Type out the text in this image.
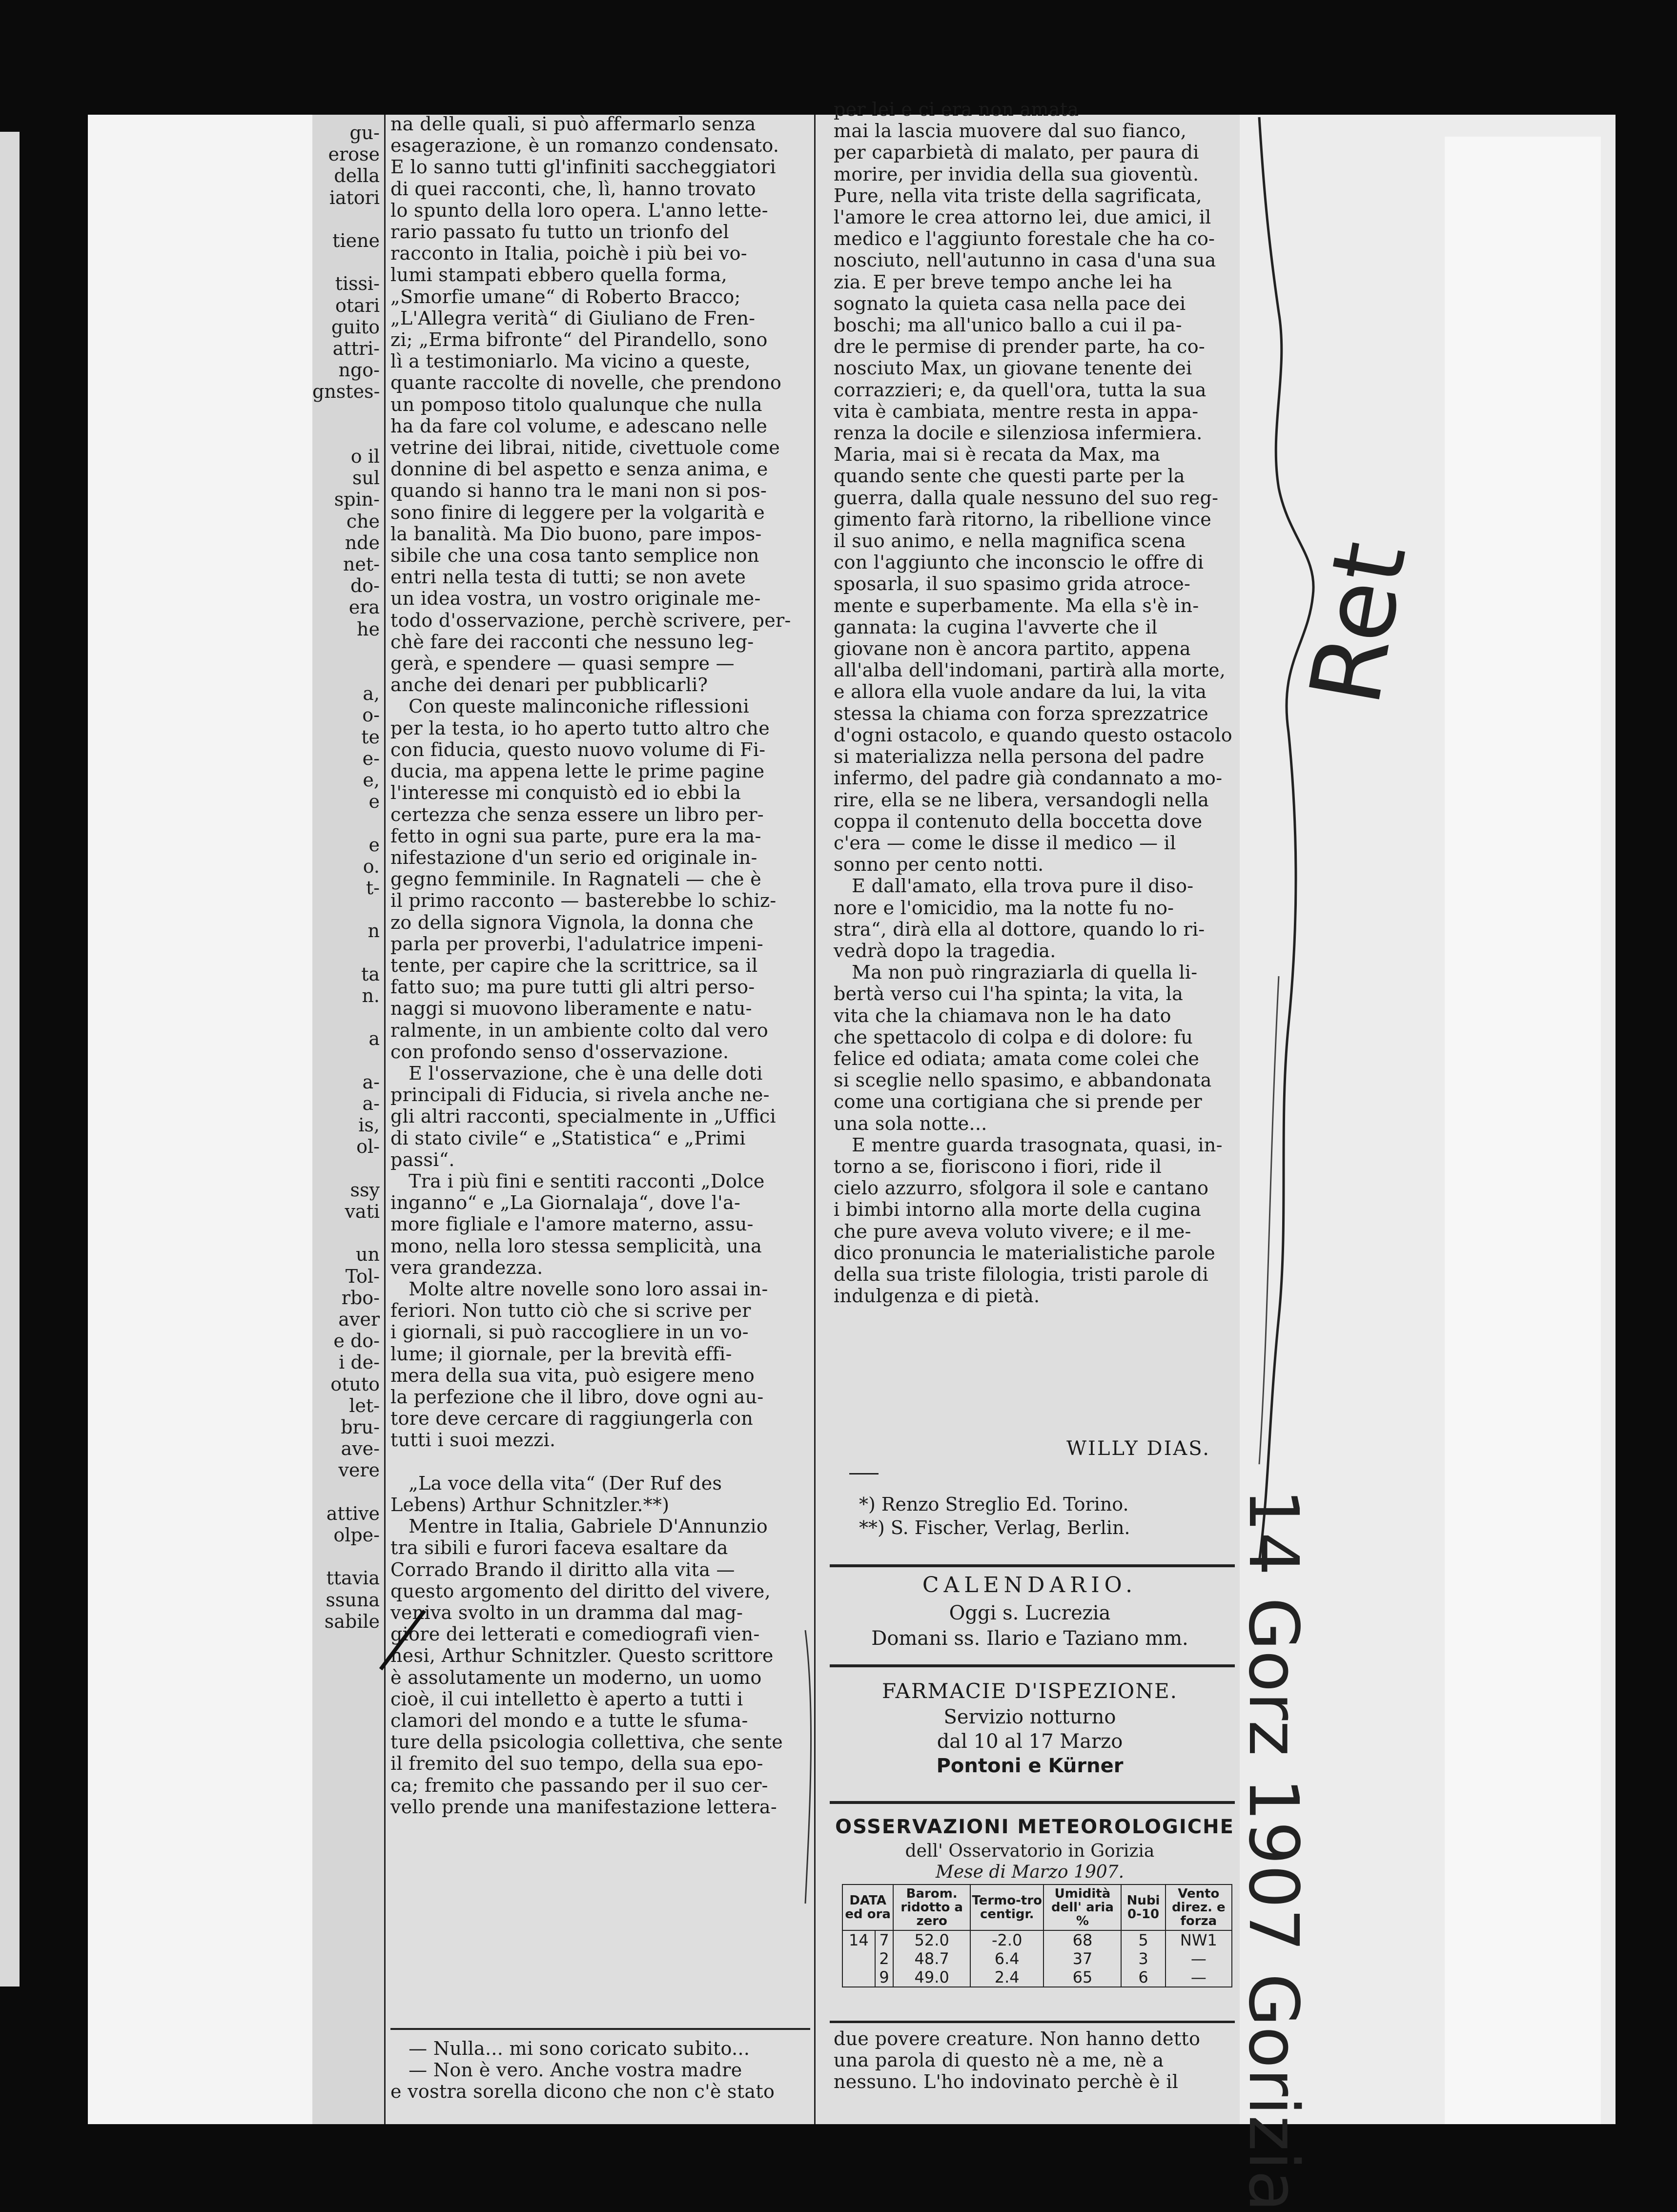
gu-
erose
della
iatori
tiene
tissi-
otari
guito
attri-
ngo-
gnstes-
o il
sul
spin-
che
nde
net-
do-
era
he
a,
o-
te
e-
e,
e
e
o.
t-
n
ta
n.
a
a-
a-
is,
ol-
ssy
vati
un
Tol-
rbo-
aver
e do-
i de-
otuto
let-
bru-
ave-
vere
attive
olpe-
ttavia
ssuna
sabile
na delle quali, si può affermarlo senza
esagerazione, è un romanzo condensato.
E lo sanno tutti gl'infiniti saccheggiatori
di quei racconti, che, lì, hanno trovato
lo spunto della loro opera. L'anno lette-
rario passato fu tutto un trionfo del
racconto in Italia, poichè i più bei vo-
lumi stampati ebbero quella forma,
„Smorfie umane“ di Roberto Bracco;
„L'Allegra verità“ di Giuliano de Fren-
zi; „Erma bifronte“ del Pirandello, sono
lì a testimoniarlo. Ma vicino a queste,
quante raccolte di novelle, che prendono
un pomposo titolo qualunque che nulla
ha da fare col volume, e adescano nelle
vetrine dei librai, nitide, civettuole come
donnine di bel aspetto e senza anima, e
quando si hanno tra le mani non si pos-
sono finire di leggere per la volgarità e
la banalità. Ma Dio buono, pare impos-
sibile che una cosa tanto semplice non
entri nella testa di tutti; se non avete
un idea vostra, un vostro originale me-
todo d'osservazione, perchè scrivere, per-
chè fare dei racconti che nessuno leg-
gerà, e spendere — quasi sempre —
anche dei denari per pubblicarli?
Con queste malinconiche riflessioni
per la testa, io ho aperto tutto altro che
con fiducia, questo nuovo volume di Fi-
ducia, ma appena lette le prime pagine
l'interesse mi conquistò ed io ebbi la
certezza che senza essere un libro per-
fetto in ogni sua parte, pure era la ma-
nifestazione d'un serio ed originale in-
gegno femminile. In Ragnateli — che è
il primo racconto — basterebbe lo schiz-
zo della signora Vignola, la donna che
parla per proverbi, l'adulatrice impeni-
tente, per capire che la scrittrice, sa il
fatto suo; ma pure tutti gli altri perso-
naggi si muovono liberamente e natu-
ralmente, in un ambiente colto dal vero
con profondo senso d'osservazione.
E l'osservazione, che è una delle doti
principali di Fiducia, si rivela anche ne-
gli altri racconti, specialmente in „Uffici
di stato civile“ e „Statistica“ e „Primi
passi“.
Tra i più fini e sentiti racconti „Dolce
inganno“ e „La Giornalaja“, dove l'a-
more figliale e l'amore materno, assu-
mono, nella loro stessa semplicità, una
vera grandezza.
Molte altre novelle sono loro assai in-
feriori. Non tutto ciò che si scrive per
i giornali, si può raccogliere in un vo-
lume; il giornale, per la brevità effi-
mera della sua vita, può esigere meno
la perfezione che il libro, dove ogni au-
tore deve cercare di raggiungerla con
tutti i suoi mezzi.
„La voce della vita“ (Der Ruf des
Lebens) Arthur Schnitzler.**)
Mentre in Italia, Gabriele D'Annunzio
tra sibili e furori faceva esaltare da
Corrado Brando il diritto alla vita —
questo argomento del diritto del vivere,
veniva svolto in un dramma dal mag-
giore dei letterati e comediografi vien-
nesi, Arthur Schnitzler. Questo scrittore
è assolutamente un moderno, un uomo
cioè, il cui intelletto è aperto a tutti i
clamori del mondo e a tutte le sfuma-
ture della psicologia collettiva, che sente
il fremito del suo tempo, della sua epo-
ca; fremito che passando per il suo cer-
vello prende una manifestazione lettera-
— Nulla... mi sono coricato subito...
— Non è vero. Anche vostra madre
e vostra sorella dicono che non c'è stato
per lei e ci era non amata
mai la lascia muovere dal suo fianco,
per caparbietà di malato, per paura di
morire, per invidia della sua gioventù.
Pure, nella vita triste della sagrificata,
l'amore le crea attorno lei, due amici, il
medico e l'aggiunto forestale che ha co-
nosciuto, nell'autunno in casa d'una sua
zia. E per breve tempo anche lei ha
sognato la quieta casa nella pace dei
boschi; ma all'unico ballo a cui il pa-
dre le permise di prender parte, ha co-
nosciuto Max, un giovane tenente dei
corrazzieri; e, da quell'ora, tutta la sua
vita è cambiata, mentre resta in appa-
renza la docile e silenziosa infermiera.
Maria, mai si è recata da Max, ma
quando sente che questi parte per la
guerra, dalla quale nessuno del suo reg-
gimento farà ritorno, la ribellione vince
il suo animo, e nella magnifica scena
con l'aggiunto che inconscio le offre di
sposarla, il suo spasimo grida atroce-
mente e superbamente. Ma ella s'è in-
gannata: la cugina l'avverte che il
giovane non è ancora partito, appena
all'alba dell'indomani, partirà alla morte,
e allora ella vuole andare da lui, la vita
stessa la chiama con forza sprezzatrice
d'ogni ostacolo, e quando questo ostacolo
si materializza nella persona del padre
infermo, del padre già condannato a mo-
rire, ella se ne libera, versandogli nella
coppa il contenuto della boccetta dove
c'era — come le disse il medico — il
sonno per cento notti.
E dall'amato, ella trova pure il diso-
nore e l'omicidio, ma la notte fu no-
stra“, dirà ella al dottore, quando lo ri-
vedrà dopo la tragedia.
Ma non può ringraziarla di quella li-
bertà verso cui l'ha spinta; la vita, la
vita che la chiamava non le ha dato
che spettacolo di colpa e di dolore: fu
felice ed odiata; amata come colei che
si sceglie nello spasimo, e abbandonata
come una cortigiana che si prende per
una sola notte...
E mentre guarda trasognata, quasi, in-
torno a se, fioriscono i fiori, ride il
cielo azzurro, sfolgora il sole e cantano
i bimbi intorno alla morte della cugina
che pure aveva voluto vivere; e il me-
dico pronuncia le materialistiche parole
della sua triste filologia, tristi parole di
indulgenza e di pietà.
WILLY DIAS.
*) Renzo Streglio Ed. Torino.
**) S. Fischer, Verlag, Berlin.
CALENDARIO.
Oggi s. Lucrezia
Domani ss. Ilario e Taziano mm.
FARMACIE D'ISPEZIONE.
Servizio notturno
dal 10 al 17 Marzo
Pontoni e Kürner
OSSERVAZIONI METEOROLOGICHE
dell' Osservatorio in Gorizia
Mese di Marzo 1907.
DATA ed ora		Barom. ridotto a zero	Termo-tro centigr.	Umidità dell' aria %	Nubi 0-10	Vento direz. e forza
14	7	52.0	-2.0	68	5	NW1
	2	48.7	6.4	37	3	—
	9	49.0	2.4	65	6	—
due povere creature. Non hanno detto
una parola di questo nè a me, nè a
nessuno. L'ho indovinato perchè è il
Ret
14 Gorz 1907 Gorizia
